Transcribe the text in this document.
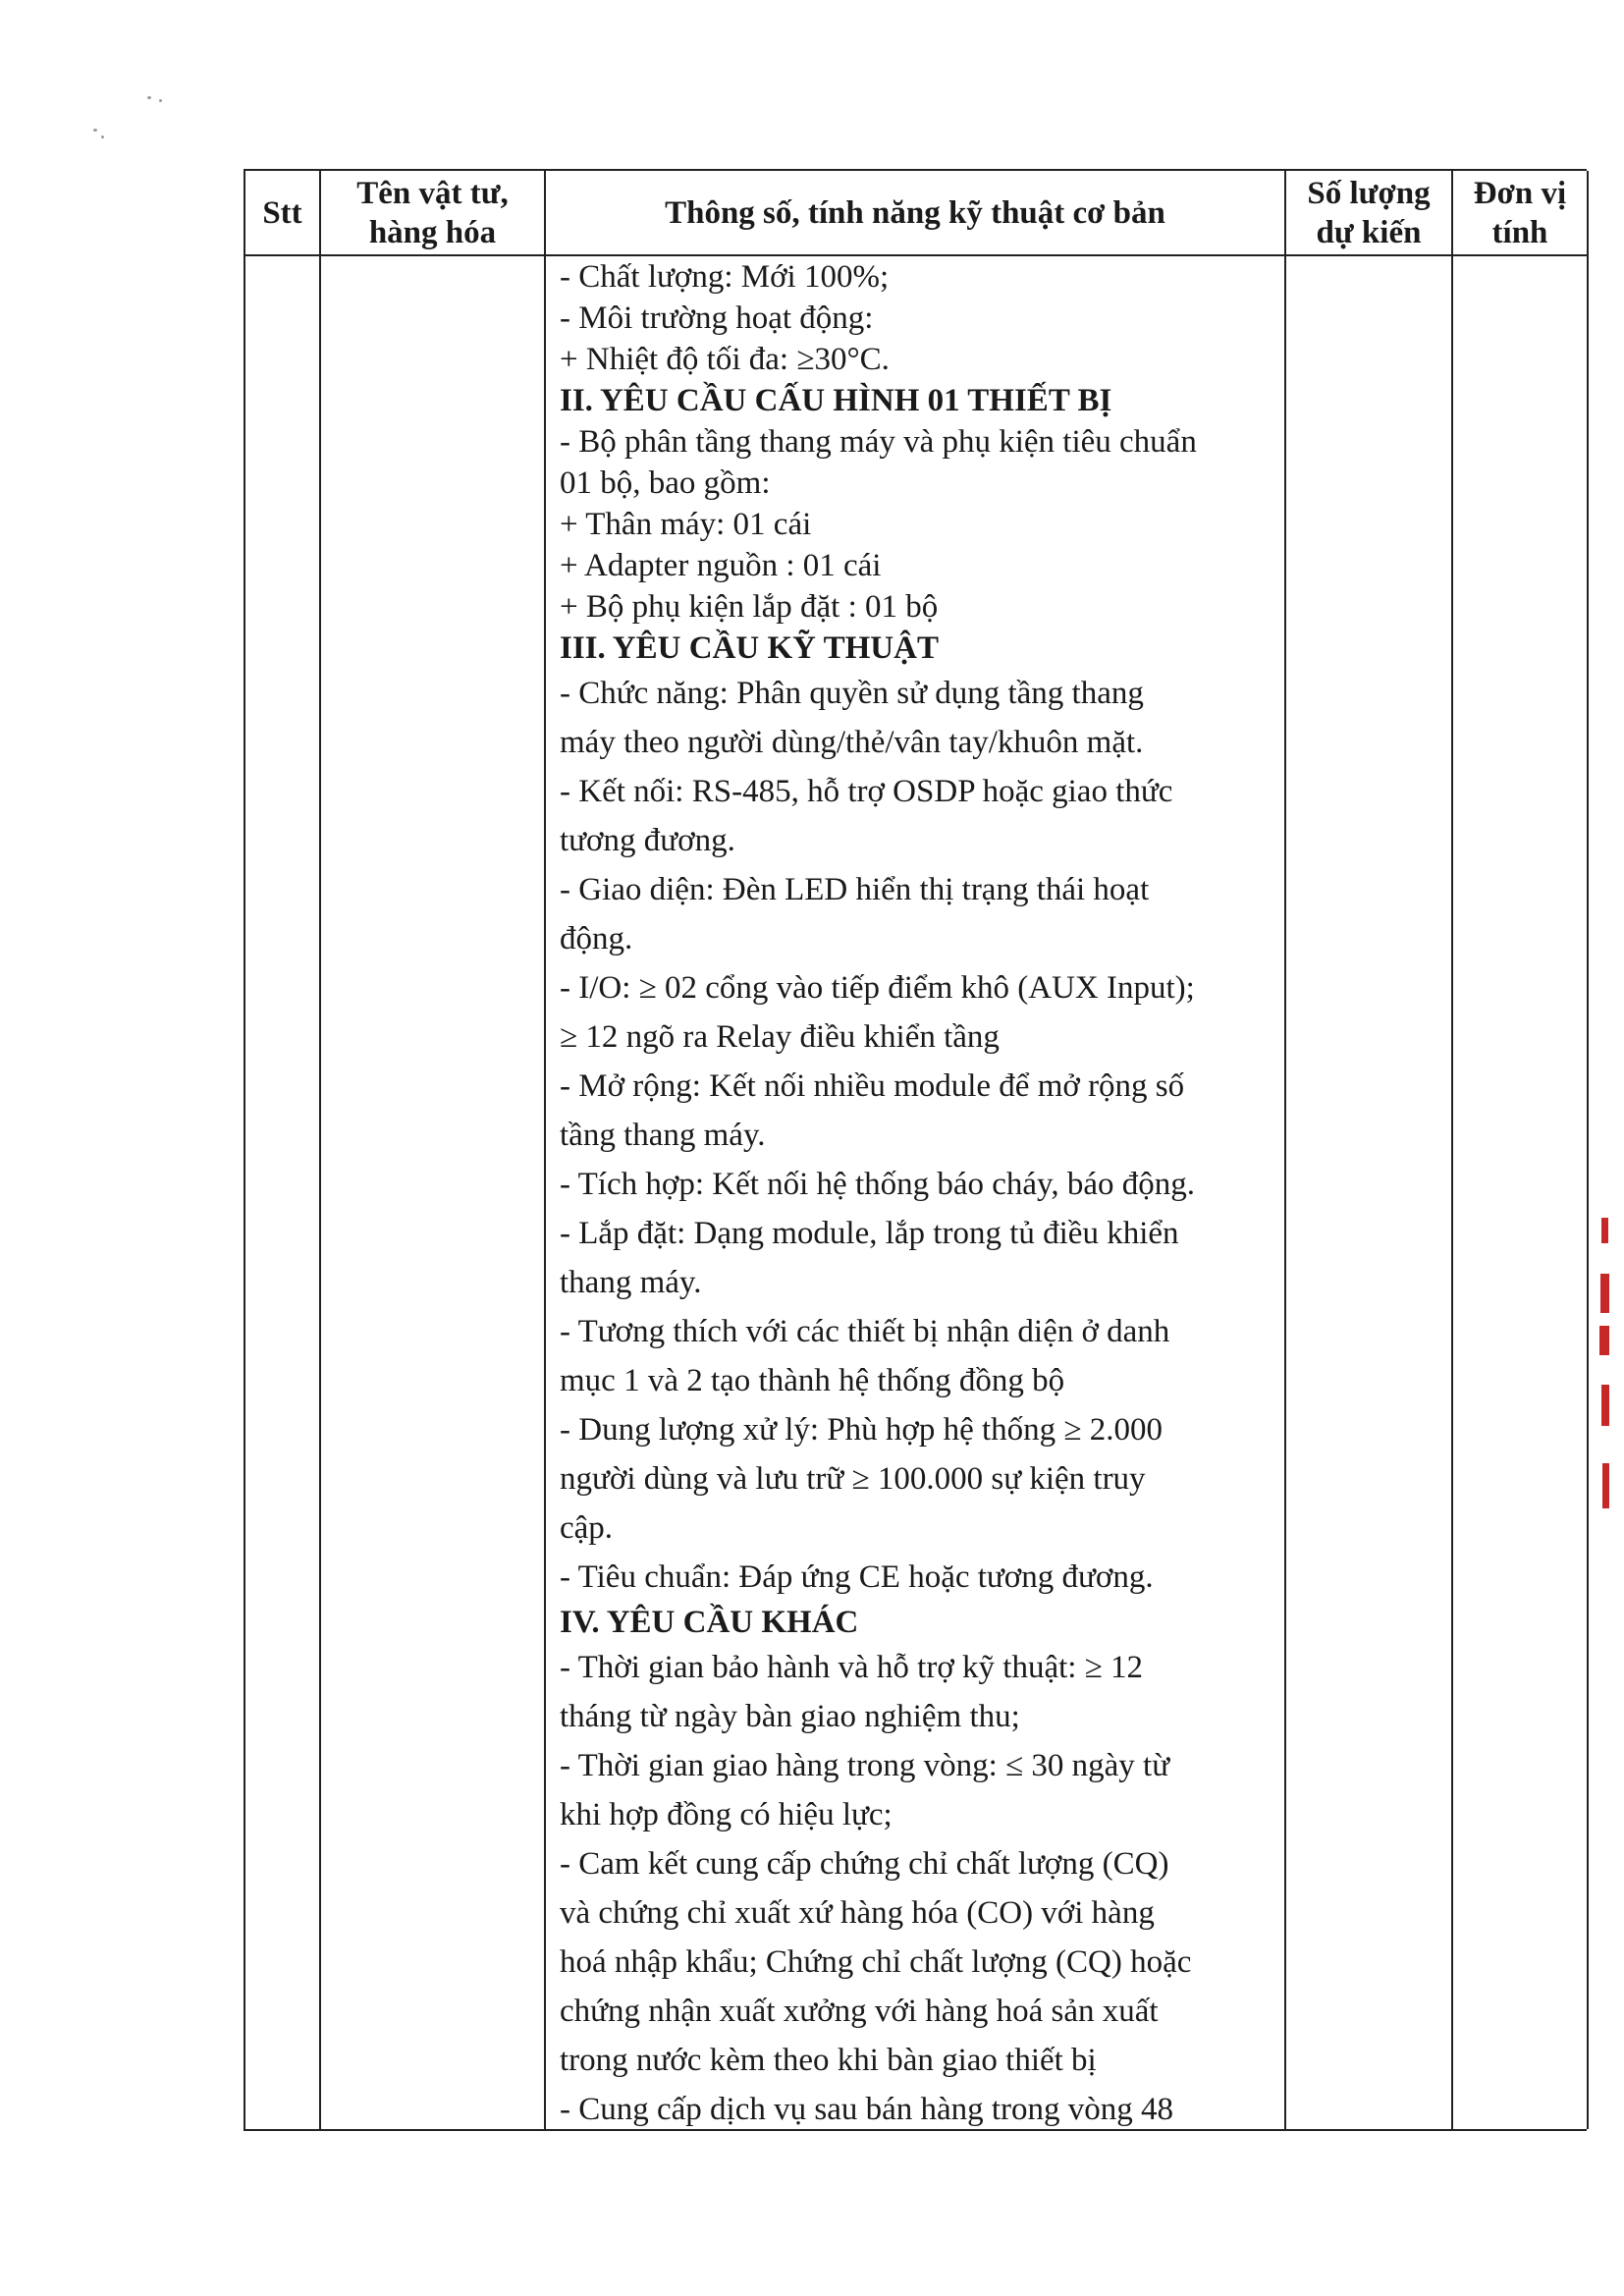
Stt
Tên vật tư,
hàng hóa
Thông số, tính năng kỹ thuật cơ bản
Số lượng
dự kiến
Đơn vị
tính
- Chất lượng: Mới 100%;
- Môi trường hoạt động:
+ Nhiệt độ tối đa: ≥30°C.
II. YÊU CẦU CẤU HÌNH 01 THIẾT BỊ
- Bộ phân tầng thang máy và phụ kiện tiêu chuẩn
01 bộ, bao gồm:
+ Thân máy: 01 cái
+ Adapter nguồn : 01 cái
+ Bộ phụ kiện lắp đặt : 01 bộ
III. YÊU CẦU KỸ THUẬT
- Chức năng: Phân quyền sử dụng tầng thang
máy theo người dùng/thẻ/vân tay/khuôn mặt.
- Kết nối: RS-485, hỗ trợ OSDP hoặc giao thức
tương đương.
- Giao diện: Đèn LED hiển thị trạng thái hoạt
động.
- I/O: ≥ 02 cổng vào tiếp điểm khô (AUX Input);
≥ 12 ngõ ra Relay điều khiển tầng
- Mở rộng: Kết nối nhiều module để mở rộng số
tầng thang máy.
- Tích hợp: Kết nối hệ thống báo cháy, báo động.
- Lắp đặt: Dạng module, lắp trong tủ điều khiển
thang máy.
- Tương thích với các thiết bị nhận diện ở danh
mục 1 và 2 tạo thành hệ thống đồng bộ
- Dung lượng xử lý: Phù hợp hệ thống ≥ 2.000
người dùng và lưu trữ ≥ 100.000 sự kiện truy
cập.
- Tiêu chuẩn: Đáp ứng CE hoặc tương đương.
IV. YÊU CẦU KHÁC
- Thời gian bảo hành và hỗ trợ kỹ thuật: ≥ 12
tháng từ ngày bàn giao nghiệm thu;
- Thời gian giao hàng trong vòng: ≤ 30 ngày từ
khi hợp đồng có hiệu lực;
- Cam kết cung cấp chứng chỉ chất lượng (CQ)
và chứng chỉ xuất xứ hàng hóa (CO) với hàng
hoá nhập khẩu; Chứng chỉ chất lượng (CQ) hoặc
chứng nhận xuất xưởng với hàng hoá sản xuất
trong nước kèm theo khi bàn giao thiết bị
- Cung cấp dịch vụ sau bán hàng trong vòng 48
